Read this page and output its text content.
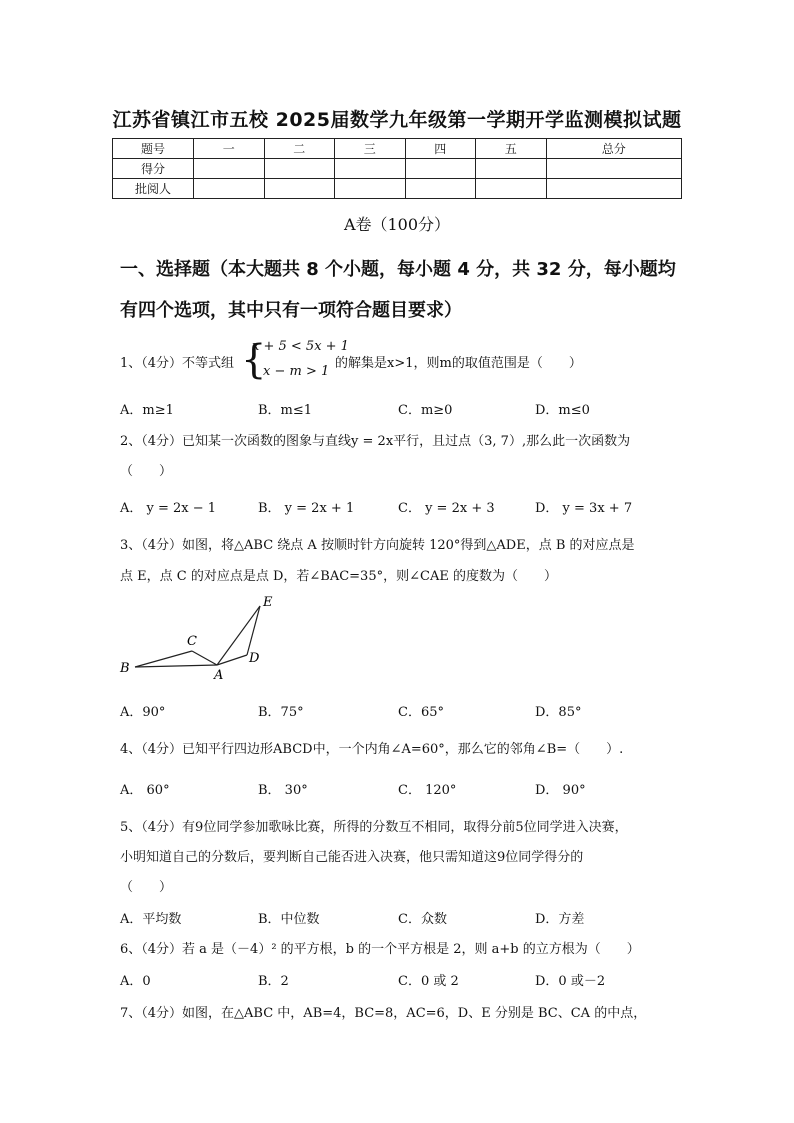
江苏省镇江市五校 2025届数学九年级第一学期开学监测模拟试题
题号	一	二	三	四	五	总分
得分						
批阅人						
A卷（100分）
一、选择题（本大题共 8 个小题，每小题 4 分，共 32 分，每小题均
有四个选项，其中只有一项符合题目要求）
1、（4分）不等式组 {
x + 5 < 5x + 1
x − m > 1
的解集是x>1，则m的取值范围是（　　）
A．m≥1	B．m≤1	C．m≥0	D．m≤0
2、（4分）已知某一次函数的图象与直线y = 2x平行，且过点（3, 7）,那么此一次函数为
（　　）
A． y = 2x − 1	B． y = 2x + 1	C． y = 2x + 3	D． y = 3x + 7
3、（4分）如图，将△ABC 绕点 A 按顺时针方向旋转 120°得到△ADE，点 B 的对应点是
点 E，点 C 的对应点是点 D，若∠BAC=35°，则∠CAE 的度数为（　　）
E
C
D
B	A
A．90°	B．75°	C．65°	D．85°
4、（4分）已知平行四边形ABCD中，一个内角∠A=60°，那么它的邻角∠B=（　　）.
A． 60°	B． 30°	C． 120°	D． 90°
5、（4分）有9位同学参加歌咏比赛，所得的分数互不相同，取得分前5位同学进入决赛，
小明知道自己的分数后，要判断自己能否进入决赛，他只需知道这9位同学得分的
（　　）
A．平均数	B．中位数	C．众数	D．方差
6、（4分）若 a 是（－4）² 的平方根，b 的一个平方根是 2，则 a+b 的立方根为（　　）
A．0	B．2	C．0 或 2	D．0 或－2
7、（4分）如图，在△ABC 中，AB=4，BC=8，AC=6，D、E 分别是 BC、CA 的中点，
